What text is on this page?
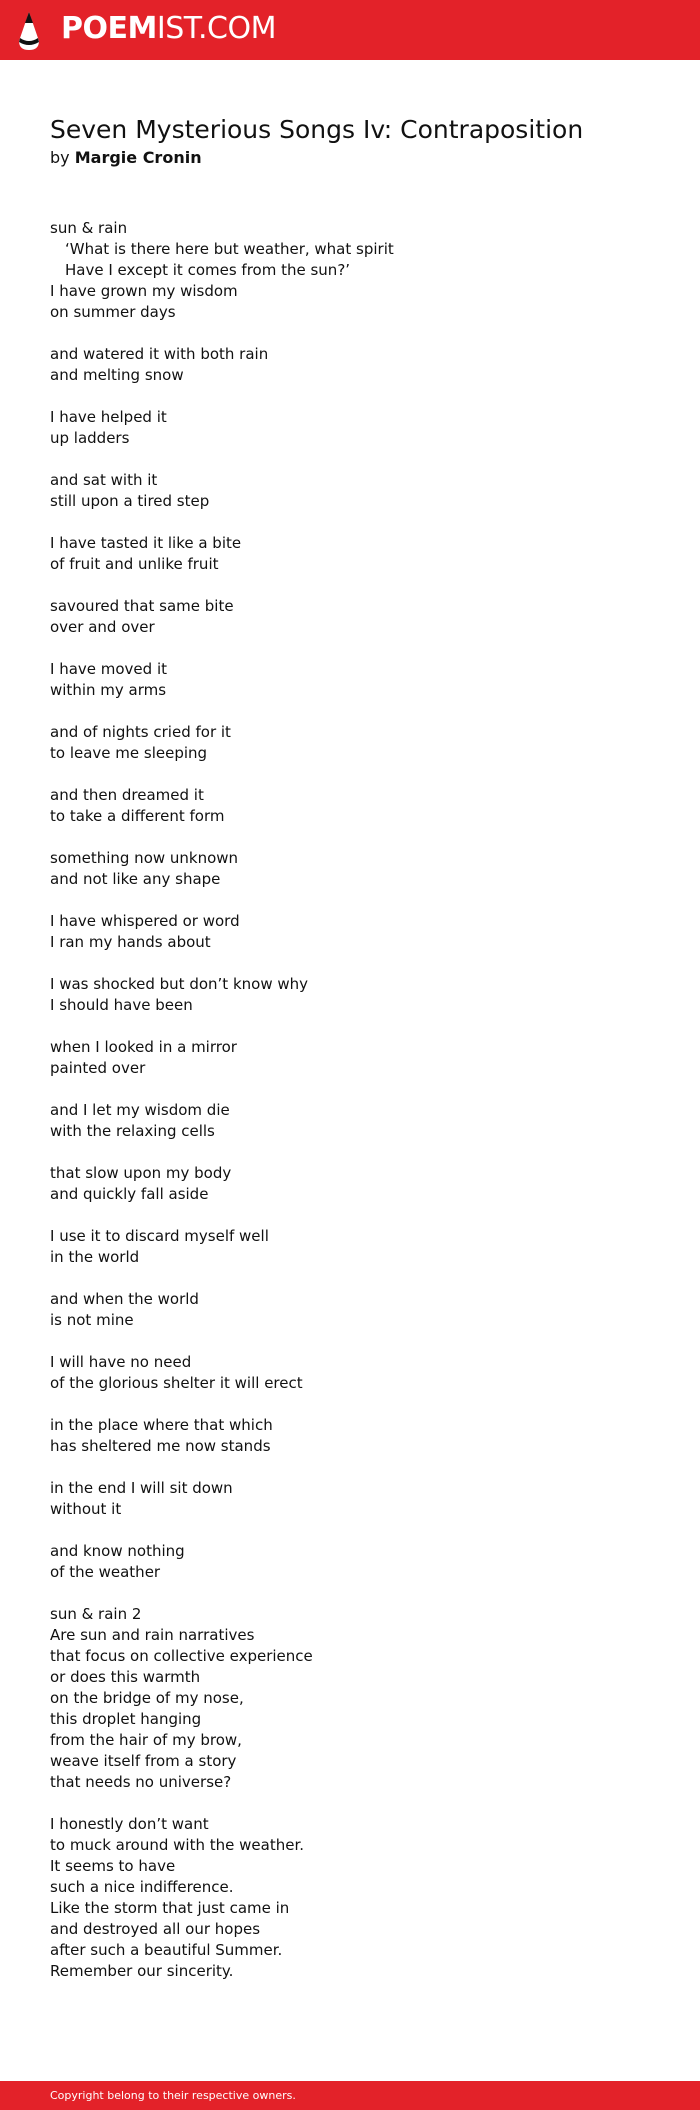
POEMIST.COM
Seven Mysterious Songs Iv: Contraposition
by Margie Cronin
sun & rain
‘What is there here but weather, what spirit
Have I except it comes from the sun?’
I have grown my wisdom
on summer days
and watered it with both rain
and melting snow
I have helped it
up ladders
and sat with it
still upon a tired step
I have tasted it like a bite
of fruit and unlike fruit
savoured that same bite
over and over
I have moved it
within my arms
and of nights cried for it
to leave me sleeping
and then dreamed it
to take a different form
something now unknown
and not like any shape
I have whispered or word
I ran my hands about
I was shocked but don’t know why
I should have been
when I looked in a mirror
painted over
and I let my wisdom die
with the relaxing cells
that slow upon my body
and quickly fall aside
I use it to discard myself well
in the world
and when the world
is not mine
I will have no need
of the glorious shelter it will erect
in the place where that which
has sheltered me now stands
in the end I will sit down
without it
and know nothing
of the weather
sun & rain 2
Are sun and rain narratives
that focus on collective experience
or does this warmth
on the bridge of my nose,
this droplet hanging
from the hair of my brow,
weave itself from a story
that needs no universe?
I honestly don’t want
to muck around with the weather.
It seems to have
such a nice indifference.
Like the storm that just came in
and destroyed all our hopes
after such a beautiful Summer.
Remember our sincerity.
Copyright belong to their respective owners.
